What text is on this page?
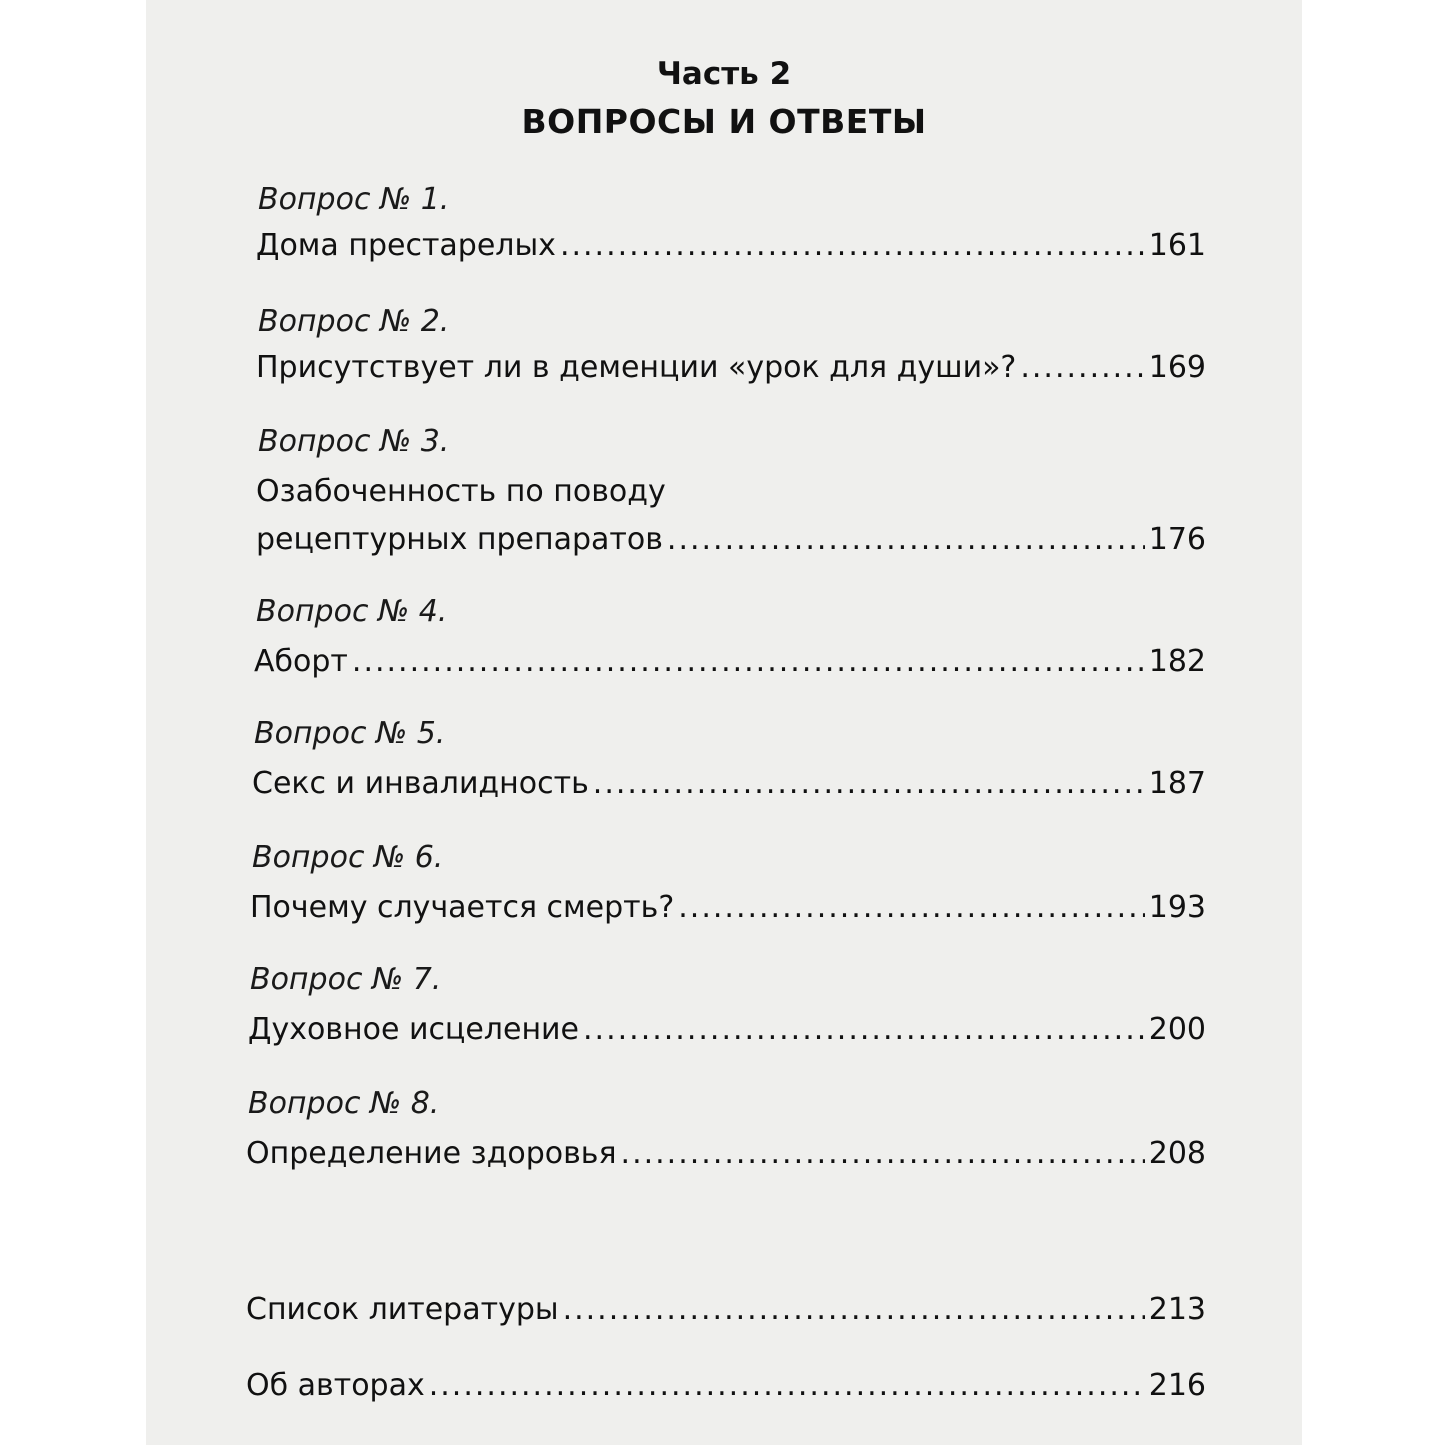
Часть 2
ВОПРОСЫ И ОТВЕТЫ
Вопрос № 1.
Дома престарелых .....	161
Вопрос № 2.
Присутствует ли в деменции «урок для души»? .....	169
Вопрос № 3.
Озабоченность по поводу
рецептурных препаратов .....	176
Вопрос № 4.
Аборт .....	182
Вопрос № 5.
Секс и инвалидность .....	187
Вопрос № 6.
Почему случается смерть? .....	193
Вопрос № 7.
Духовное исцеление .....	200
Вопрос № 8.
Определение здоровья .....	208
Список литературы .....	213
Об авторах .....	216
